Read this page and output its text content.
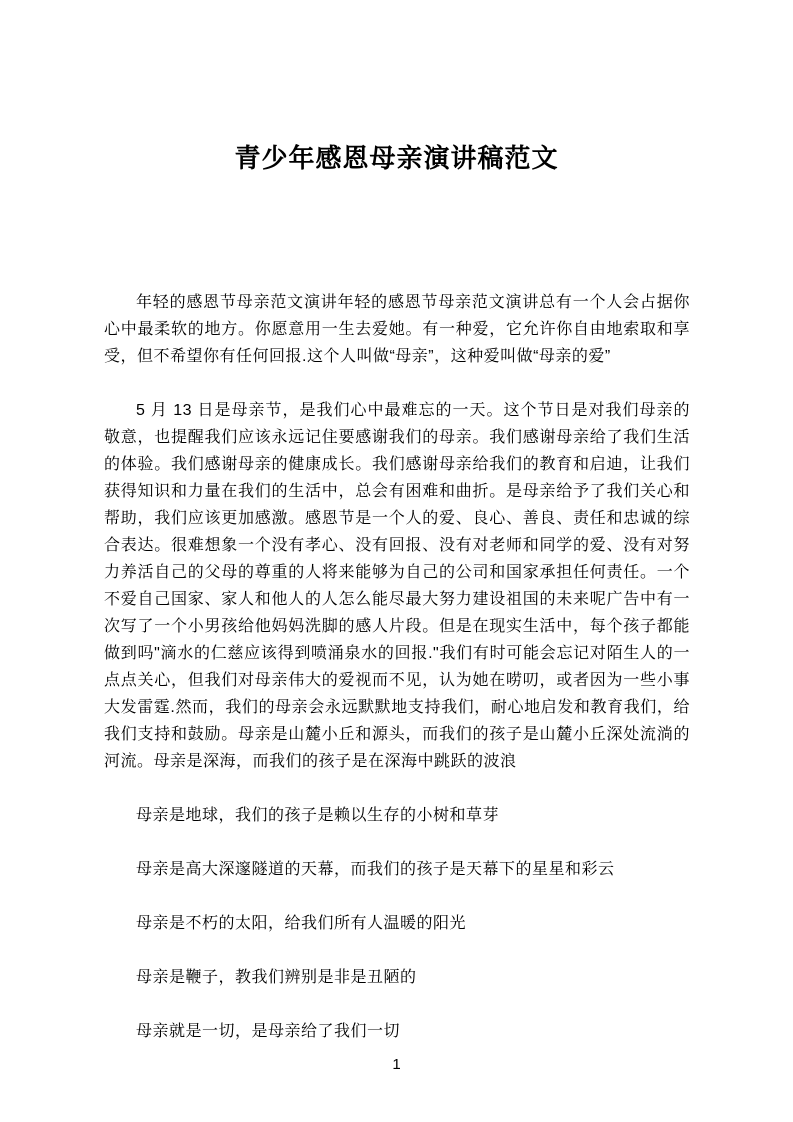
青少年感恩母亲演讲稿范文

年轻的感恩节母亲范文演讲年轻的感恩节母亲范文演讲总有一个人会占据你心中最柔软的地方。你愿意用一生去爱她。有一种爱，它允许你自由地索取和享受，但不希望你有任何回报.这个人叫做“母亲”，这种爱叫做“母亲的爱”

5 月 13 日是母亲节，是我们心中最难忘的一天。这个节日是对我们母亲的敬意，也提醒我们应该永远记住要感谢我们的母亲。我们感谢母亲给了我们生活的体验。我们感谢母亲的健康成长。我们感谢母亲给我们的教育和启迪，让我们获得知识和力量在我们的生活中，总会有困难和曲折。是母亲给予了我们关心和帮助，我们应该更加感激。感恩节是一个人的爱、良心、善良、责任和忠诚的综合表达。很难想象一个没有孝心、没有回报、没有对老师和同学的爱、没有对努力养活自己的父母的尊重的人将来能够为自己的公司和国家承担任何责任。一个不爱自己国家、家人和他人的人怎么能尽最大努力建设祖国的未来呢广告中有一次写了一个小男孩给他妈妈洗脚的感人片段。但是在现实生活中，每个孩子都能做到吗"滴水的仁慈应该得到喷涌泉水的回报."我们有时可能会忘记对陌生人的一点点关心，但我们对母亲伟大的爱视而不见，认为她在唠叨，或者因为一些小事大发雷霆.然而，我们的母亲会永远默默地支持我们，耐心地启发和教育我们，给我们支持和鼓励。母亲是山麓小丘和源头，而我们的孩子是山麓小丘深处流淌的河流。母亲是深海，而我们的孩子是在深海中跳跃的波浪

母亲是地球，我们的孩子是赖以生存的小树和草芽

母亲是高大深邃隧道的天幕，而我们的孩子是天幕下的星星和彩云

母亲是不朽的太阳，给我们所有人温暖的阳光

母亲是鞭子，教我们辨别是非是丑陋的

母亲就是一切，是母亲给了我们一切

1
